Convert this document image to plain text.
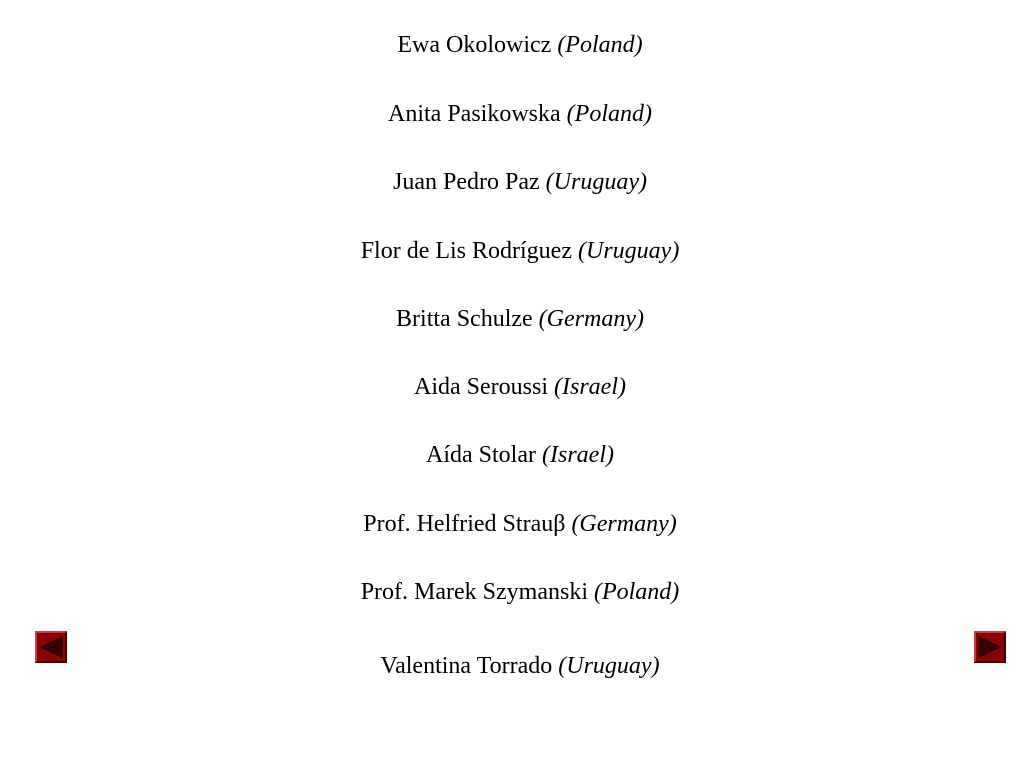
Ewa Okolowicz (Poland)
Anita Pasikowska (Poland)
Juan Pedro Paz (Uruguay)
Flor de Lis Rodríguez (Uruguay)
Britta Schulze (Germany)
Aida Seroussi (Israel)
Aída Stolar (Israel)
Prof. Helfried Strauβ (Germany)
Prof. Marek Szymanski (Poland)
Valentina Torrado (Uruguay)
